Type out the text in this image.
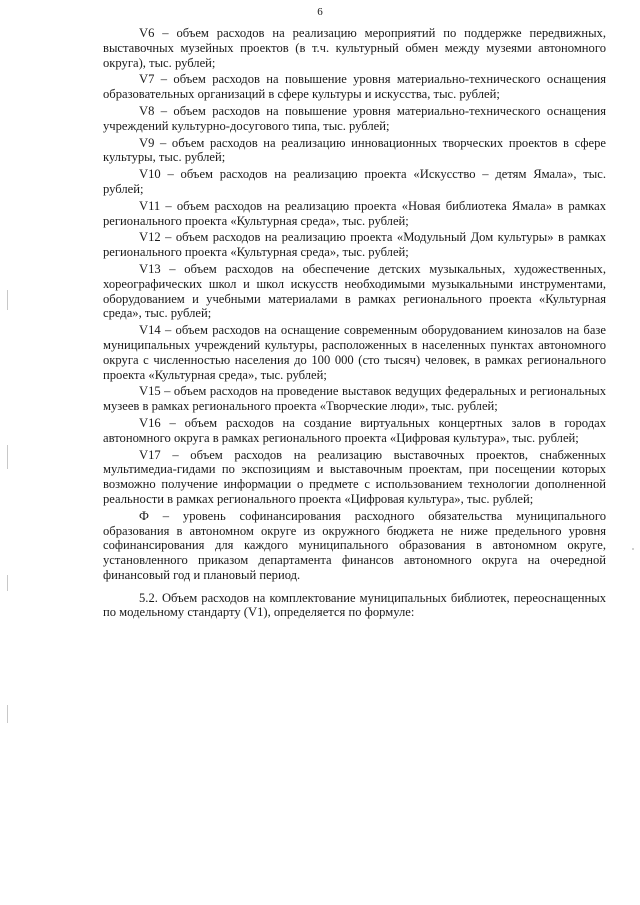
6

V6 – объем расходов на реализацию мероприятий по поддержке передвижных, выставочных музейных проектов (в т.ч. культурный обмен между музеями автономного округа), тыс. рублей;

V7 – объем расходов на повышение уровня материально-технического оснащения образовательных организаций в сфере культуры и искусства, тыс. рублей;

V8 – объем расходов на повышение уровня материально-технического оснащения учреждений культурно-досугового типа, тыс. рублей;

V9 – объем расходов на реализацию инновационных творческих проектов в сфере культуры, тыс. рублей;

V10 – объем расходов на реализацию проекта «Искусство – детям Ямала», тыс. рублей;

V11 – объем расходов на реализацию проекта «Новая библиотека Ямала» в рамках регионального проекта «Культурная среда», тыс. рублей;

V12 – объем расходов на реализацию проекта «Модульный Дом культуры» в рамках регионального проекта «Культурная среда», тыс. рублей;

V13 – объем расходов на обеспечение детских музыкальных, художественных, хореографических школ и школ искусств необходимыми музыкальными инструментами, оборудованием и учебными материалами в рамках регионального проекта «Культурная среда», тыс. рублей;

V14 – объем расходов на оснащение современным оборудованием кинозалов на базе муниципальных учреждений культуры, расположенных в населенных пунктах автономного округа с численностью населения до 100 000 (сто тысяч) человек, в рамках регионального проекта «Культурная среда», тыс. рублей;

V15 – объем расходов на проведение выставок ведущих федеральных и региональных музеев в рамках регионального проекта «Творческие люди», тыс. рублей;

V16 – объем расходов на создание виртуальных концертных залов в городах автономного округа в рамках регионального проекта «Цифровая культура», тыс. рублей;

V17 – объем расходов на реализацию выставочных проектов, снабженных мультимедиа-гидами по экспозициям и выставочным проектам, при посещении которых возможно получение информации о предмете с использованием технологии дополненной реальности в рамках регионального проекта «Цифровая культура», тыс. рублей;

Ф – уровень софинансирования расходного обязательства муниципального образования в автономном округе из окружного бюджета не ниже предельного уровня софинансирования для каждого муниципального образования в автономном округе, установленного приказом департамента финансов автономного округа на очередной финансовый год и плановый период.

5.2. Объем расходов на комплектование муниципальных библиотек, переоснащенных по модельному стандарту (V1), определяется по формуле:
